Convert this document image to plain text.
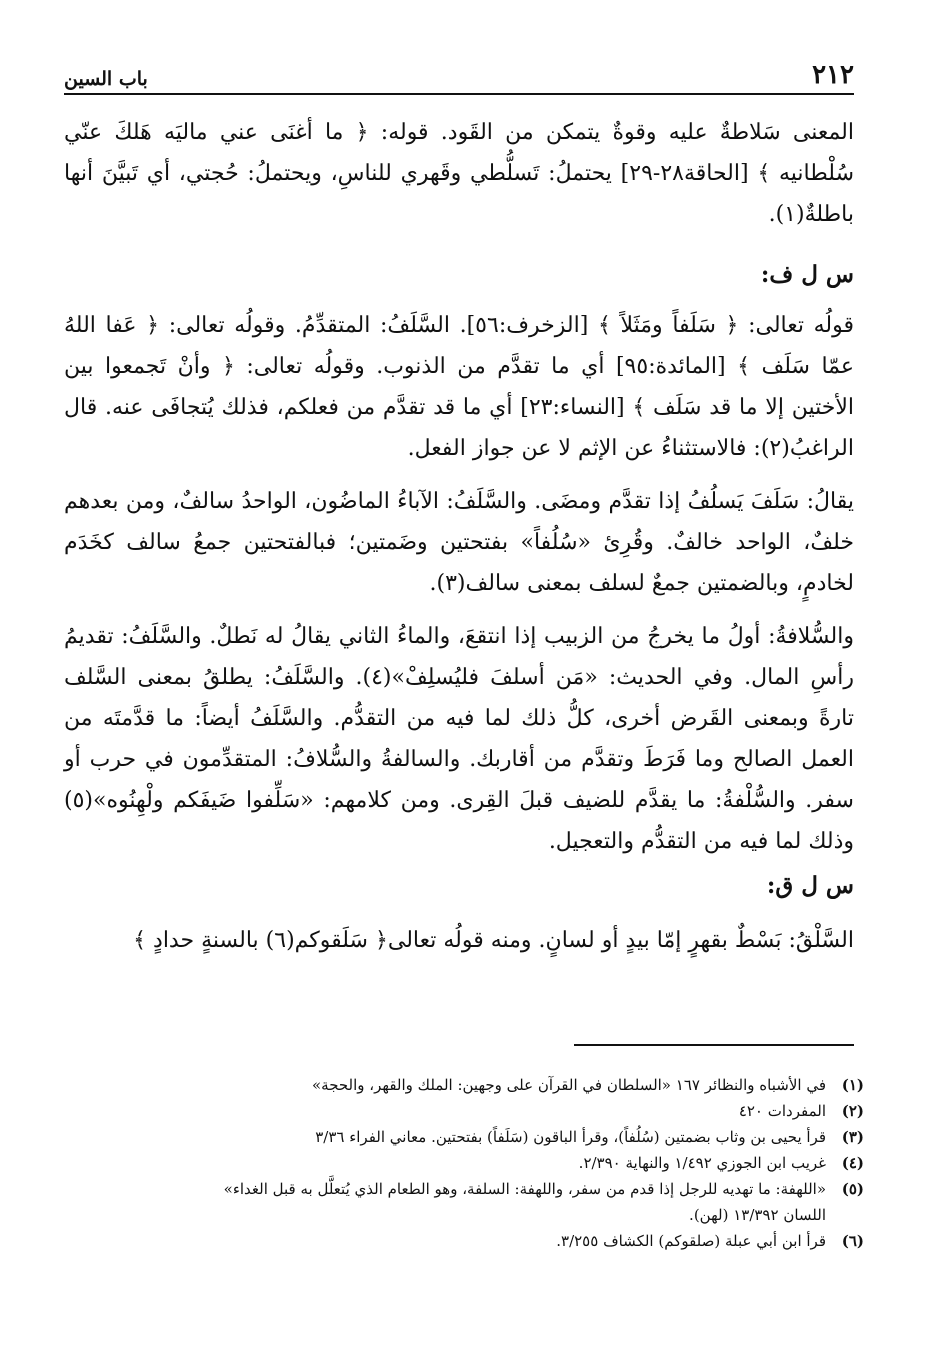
٢١٢
باب السين

المعنى سَلاطةٌ عليه وقوةٌ يتمكن من القَود. قوله: ﴿ ما أغنَى عني ماليَه هَلكَ عنّي سُلْطانيه ﴾ [الحاقة٢٨-٢٩] يحتملُ: تَسلُّطي وقَهري للناسِ، ويحتملُ: حُجتي، أي تَبيَّنَ أنها باطلةٌ(١).

س ل ف:

قولُه تعالى: ﴿ سَلَفاً ومَثَلاً ﴾ [الزخرف:٥٦]. السَّلَفُ: المتقدِّمُ. وقولُه تعالى: ﴿ عَفا اللهُ عمّا سَلَف ﴾ [المائدة:٩٥] أي ما تقدَّم من الذنوب. وقولُه تعالى: ﴿ وأنْ تَجمعوا بين الأختين إلا ما قد سَلَف ﴾ [النساء:٢٣] أي ما قد تقدَّم من فعلكم، فذلك يُتجافَى عنه. قال الراغبُ(٢): فالاستثناءُ عن الإثم لا عن جواز الفعل.

يقالُ: سَلَفَ يَسلُفُ إذا تقدَّم ومضَى. والسَّلَفُ: الآباءُ الماضُون، الواحدُ سالفٌ، ومن بعدهم خلفٌ، الواحد خالفٌ. وقُرِئ «سُلُفاً» بفتحتين وضَمتين؛ فبالفتحتين جمعُ سالف كخَدَم لخادمٍ، وبالضمتين جمعٌ لسلف بمعنى سالف(٣).

والسُّلافةُ: أولُ ما يخرجُ من الزبيب إذا انتقعَ، والماءُ الثاني يقالُ له نَطلٌ. والسَّلَفُ: تقديمُ رأسِ المال. وفي الحديث: «مَن أسلفَ فليُسلِفْ»(٤). والسَّلَفُ: يطلقُ بمعنى السَّلف تارةً وبمعنى القَرض أخرى، كلُّ ذلك لما فيه من التقدُّم. والسَّلَفُ أيضاً: ما قدَّمتَه من العمل الصالح وما فَرَطَ وتقدَّم من أقاربك. والسالفةُ والسُّلافُ: المتقدِّمون في حرب أو سفر. والسُّلْفةُ: ما يقدَّم للضيف قبلَ القِرى. ومن كلامهم: «سَلِّفوا ضَيفَكم ولْهِنُوه»(٥) وذلك لما فيه من التقدُّم والتعجيل.

س ل ق:

السَّلْقُ: بَسْطٌ بقهرٍ إمّا بيدٍ أو لسانٍ. ومنه قولُه تعالى﴿ سَلَقوكم(٦) بالسنةٍ حدادٍ ﴾

(١)
في الأشباه والنظائر ١٦٧ «السلطان في القرآن على وجهين: الملك والقهر، والحجة»
(٢)
المفردات ٤٢٠
(٣)
قرأ يحيى بن وثاب بضمتين (سُلُفاً)، وقرأ الباقون (سَلَفاً) بفتحتين. معاني الفراء ٣/٣٦
(٤)
غريب ابن الجوزي ١/٤٩٢ والنهاية ٢/٣٩٠.
(٥)
«اللهفة: ما تهديه للرجل إذا قدم من سفر، واللهفة: السلفة، وهو الطعام الذي يُتعلَّل به قبل الغداء»
اللسان ١٣/٣٩٢ (لهن).
(٦)
قرأ ابن أبي عبلة (صلقوكم) الكشاف ٣/٢٥٥.
